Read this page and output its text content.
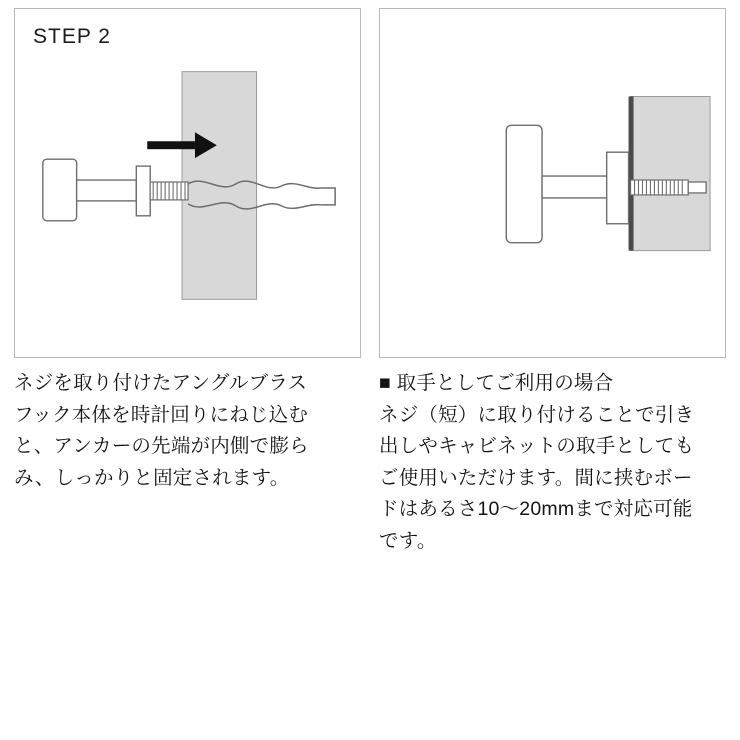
STEP 2

ネジを取り付けたアングルブラス
フック本体を時計回りにねじ込む
と、アンカーの先端が内側で膨ら
み、しっかりと固定されます。

■ 取手としてご利用の場合
ネジ（短）に取り付けることで引き
出しやキャビネットの取手としても
ご使用いただけます。間に挟むボー
ドはあるさ10〜20mmまで対応可能
です。
